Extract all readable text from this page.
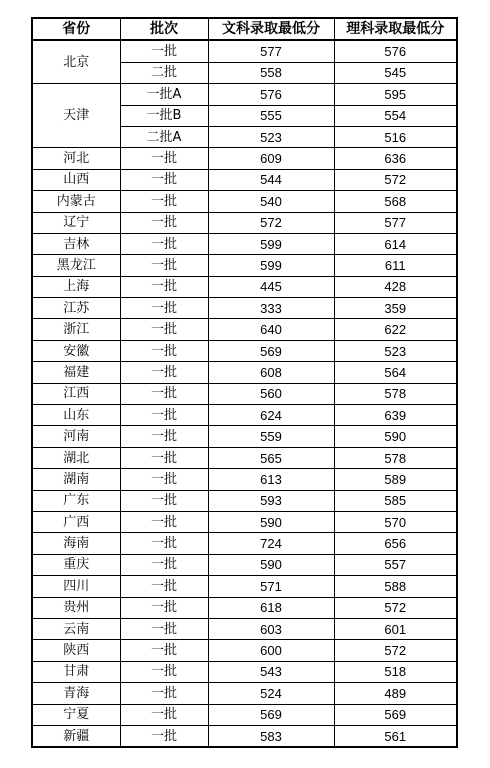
省份	批次	文科录取最低分	理科录取最低分
北京	一批	577	576
	二批	558	545
天津	一批A	576	595
	一批B	555	554
	二批A	523	516
河北	一批	609	636
山西	一批	544	572
内蒙古	一批	540	568
辽宁	一批	572	577
吉林	一批	599	614
黑龙江	一批	599	611
上海	一批	445	428
江苏	一批	333	359
浙江	一批	640	622
安徽	一批	569	523
福建	一批	608	564
江西	一批	560	578
山东	一批	624	639
河南	一批	559	590
湖北	一批	565	578
湖南	一批	613	589
广东	一批	593	585
广西	一批	590	570
海南	一批	724	656
重庆	一批	590	557
四川	一批	571	588
贵州	一批	618	572
云南	一批	603	601
陕西	一批	600	572
甘肃	一批	543	518
青海	一批	524	489
宁夏	一批	569	569
新疆	一批	583	561
